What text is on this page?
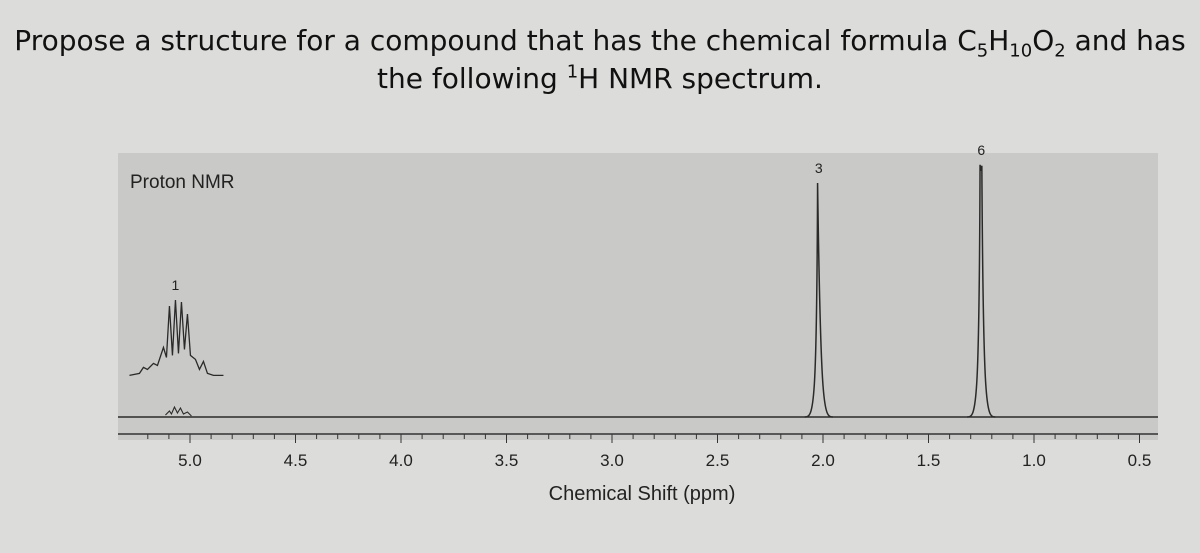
Propose a structure for a compound that has the chemical formula $C_5H_{10}O_2$ and has
the following $^1$H NMR spectrum.
Proton NMR
1
3
6
5.0	4.5	4.0	3.5	3.0	2.5	2.0	1.5	1.0	0.5
Chemical Shift (ppm)
